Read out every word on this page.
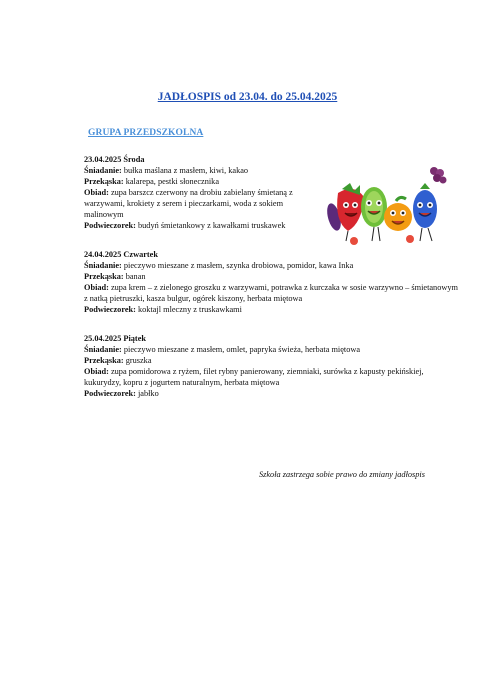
JADŁOSPIS od 23.04. do 25.04.2025
GRUPA PRZEDSZKOLNA
23.04.2025 Środa
Śniadanie: bułka maślana z masłem, kiwi, kakao
Przekąska: kalarepa, pestki słonecznika
Obiad: zupa barszcz czerwony na drobiu zabielany śmietaną z warzywami, krokiety z serem i pieczarkami, woda z sokiem malinowym
Podwieczorek: budyń śmietankowy z kawałkami truskawek
24.04.2025 Czwartek
Śniadanie: pieczywo mieszane z masłem, szynka drobiowa, pomidor, kawa Inka
Przekąska: banan
Obiad: zupa krem – z zielonego groszku z warzywami, potrawka z kurczaka w sosie warzywno – śmietanowym z natką pietruszki, kasza bulgur, ogórek kiszony, herbata miętowa
Podwieczorek: koktajl mleczny z truskawkami
25.04.2025 Piątek
Śniadanie: pieczywo mieszane z masłem, omlet, papryka świeża, herbata miętowa
Przekąska: gruszka
Obiad: zupa pomidorowa z ryżem, filet rybny panierowany, ziemniaki, surówka z kapusty pekińskiej, kukurydzy, kopru z jogurtem naturalnym, herbata miętowa
Podwieczorek: jabłko
Szkoła zastrzega sobie prawo do zmiany jadłospis
